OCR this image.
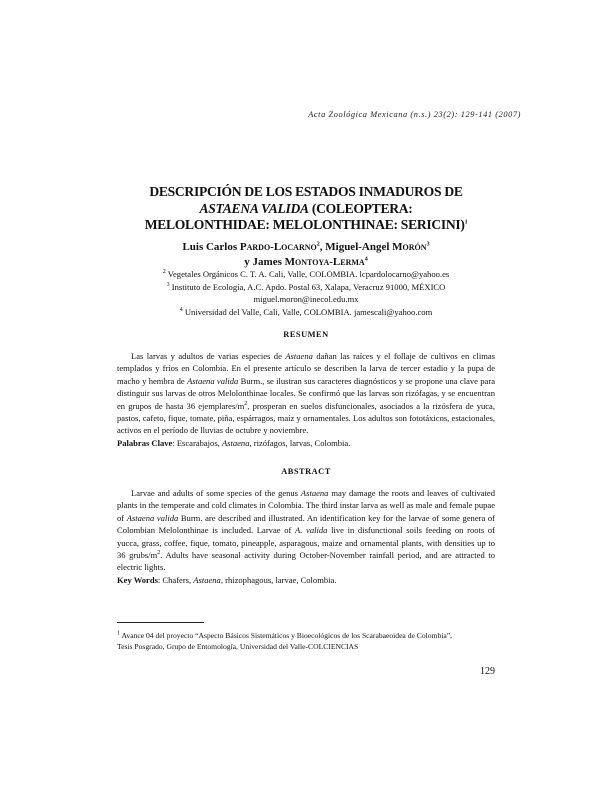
Acta Zoológica Mexicana (n.s.) 23(2): 129-141 (2007)
DESCRIPCIÓN DE LOS ESTADOS INMADUROS DE
ASTAENA VALIDA (COLEOPTERA:
MELOLONTHIDAE: MELOLONTHINAE: SERICINI)$^1$
Luis Carlos Pardo-Locarno$^2$, Miguel-Angel Morón$^3$
y James Montoya-Lerma$^4$
$^2$ Vegetales Orgánicos C. T. A. Cali, Valle, COLOMBIA. lcpardolocarno@yahoo.es
$^3$ Instituto de Ecología, A.C. Apdo. Postal 63, Xalapa, Veracruz 91000, MÉXICO
miguel.moron@inecol.edu.mx
$^4$ Universidad del Valle, Cali, Valle, COLOMBIA. jamescali@yahoo.com
RESUMEN
Las larvas y adultos de varias especies de Astaena dañan las raíces y el follaje de cultivos en climas templados y fríos en Colombia. En el presente artículo se describen la larva de tercer estadio y la pupa de macho y hembra de Astaena valida Burm., se ilustran sus caracteres diagnósticos y se propone una clave para distinguir sus larvas de otros Melolonthinae locales. Se confirmó que las larvas son rizófagas, y se encuentran en grupos de hasta 36 ejemplares/$m^2$, prosperan en suelos disfuncionales, asociados a la rizósfera de yuca, pastos, cafeto, fique, tomate, piña, espárragos, maíz y ornamentales. Los adultos son fototáxicos, estacionales, activos en el período de lluvias de octubre y noviembre.
Palabras Clave: Escarabajos, Astaena, rizófagos, larvas, Colombia.
ABSTRACT
Larvae and adults of some species of the genus Astaena may damage the roots and leaves of cultivated plants in the temperate and cold climates in Colombia. The third instar larva as well as male and female pupae of Astaena valida Burm. are described and illustrated. An identification key for the larvae of some genera of Colombian Melolonthinae is included. Larvae of A. valida live in disfunctional soils feeding on roots of yucca, grass, coffee, fique, tomato, pineapple, asparagous, maize and ornamental plants, with densities up to 36 grubs/$m^2$. Adults have seasonal activity during October-November rainfall period, and are attracted to electric lights.
Key Words: Chafers, Astaena, rhizophagous, larvae, Colombia.
$^1$ Avance 04 del proyecto “Aspecto Básicos Sistemáticos y Bioecológicos de los Scarabaeoidea de Colombia”,
Tesis Posgrado, Grupo de Entomología, Universidad del Valle-COLCIENCIAS
129
